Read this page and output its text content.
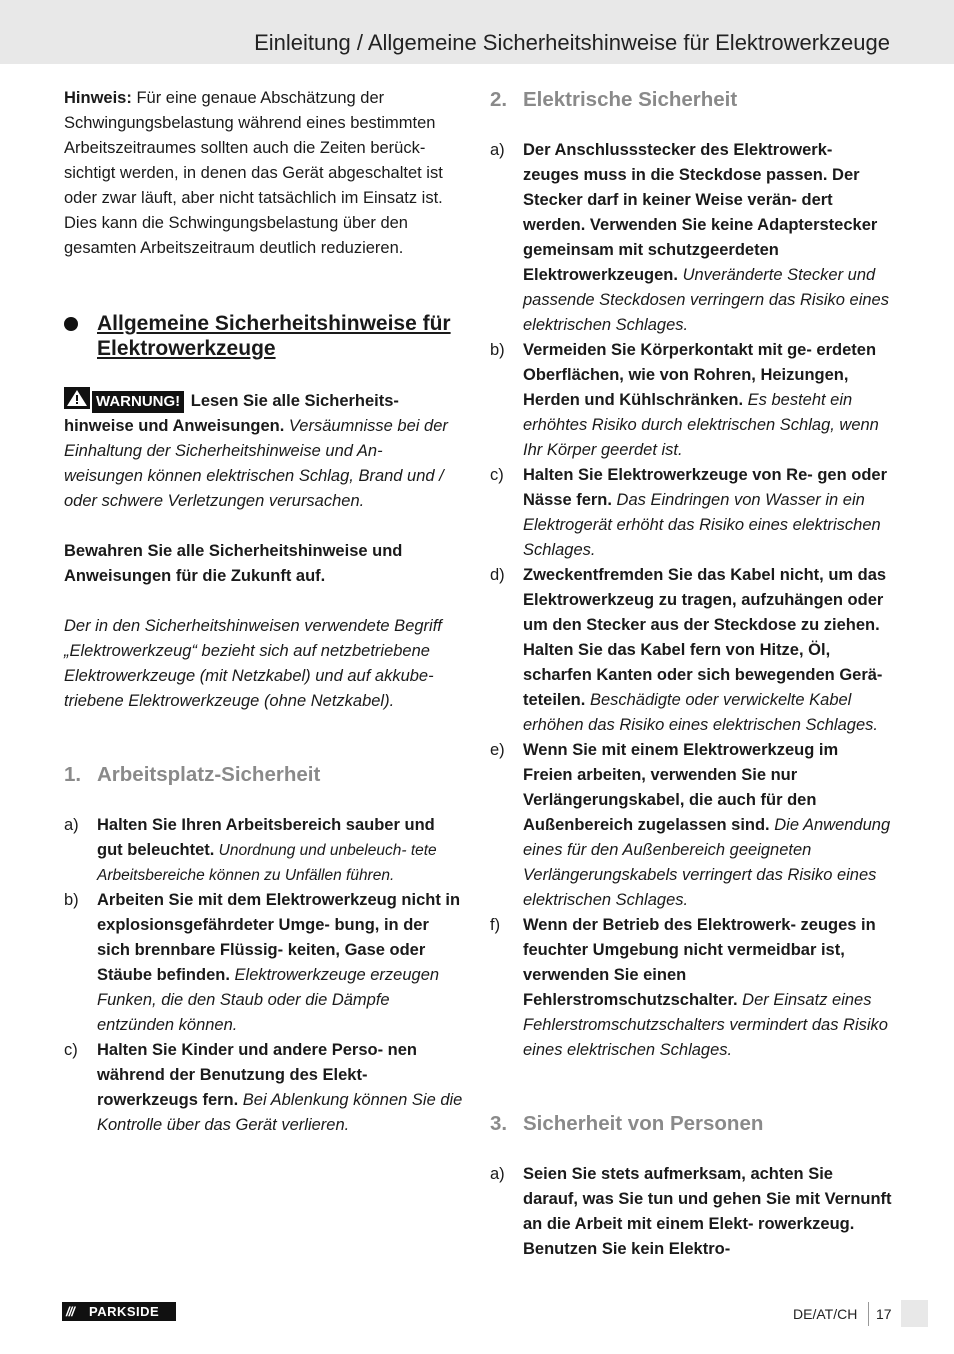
Einleitung / Allgemeine Sicherheitshinweise für Elektrowerkzeuge

Hinweis: Für eine genaue Abschätzung der Schwingungsbelastung während eines bestimmten Arbeitszeitraumes sollten auch die Zeiten berück- sichtigt werden, in denen das Gerät abgeschaltet ist oder zwar läuft, aber nicht tatsächlich im Einsatz ist. Dies kann die Schwingungsbelastung über den gesamten Arbeitszeitraum deutlich reduzieren.

Allgemeine Sicherheitshinweise für Elektrowerkzeuge

WARNUNG! Lesen Sie alle Sicherheits- hinweise und Anweisungen. Versäumnisse bei der Einhaltung der Sicherheitshinweise und An- weisungen können elektrischen Schlag, Brand und / oder schwere Verletzungen verursachen.

Bewahren Sie alle Sicherheitshinweise und Anweisungen für die Zukunft auf.

Der in den Sicherheitshinweisen verwendete Begriff „Elektrowerkzeug“ bezieht sich auf netzbetriebene Elektrowerkzeuge (mit Netzkabel) und auf akkube- triebene Elektrowerkzeuge (ohne Netzkabel).

1. Arbeitsplatz-Sicherheit
a) Halten Sie Ihren Arbeitsbereich sauber und gut beleuchtet. Unordnung und unbeleuch- tete Arbeitsbereiche können zu Unfällen führen.
b) Arbeiten Sie mit dem Elektrowerkzeug nicht in explosionsgefährdeter Umge- bung, in der sich brennbare Flüssig- keiten, Gase oder Stäube befinden. Elektrowerkzeuge erzeugen Funken, die den Staub oder die Dämpfe entzünden können.
c) Halten Sie Kinder und andere Perso- nen während der Benutzung des Elekt- rowerkzeugs fern. Bei Ablenkung können Sie die Kontrolle über das Gerät verlieren.
2. Elektrische Sicherheit
a) Der Anschlussstecker des Elektrowerk- zeuges muss in die Steckdose passen. Der Stecker darf in keiner Weise verän- dert werden. Verwenden Sie keine Adapterstecker gemeinsam mit schutzgeerdeten Elektrowerkzeugen. Unveränderte Stecker und passende Steckdosen verringern das Risiko eines elektrischen Schlages.
b) Vermeiden Sie Körperkontakt mit ge- erdeten Oberflächen, wie von Rohren, Heizungen, Herden und Kühlschränken. Es besteht ein erhöhtes Risiko durch elektrischen Schlag, wenn Ihr Körper geerdet ist.
c) Halten Sie Elektrowerkzeuge von Re- gen oder Nässe fern. Das Eindringen von Wasser in ein Elektrogerät erhöht das Risiko eines elektrischen Schlages.
d) Zweckentfremden Sie das Kabel nicht, um das Elektrowerkzeug zu tragen, aufzuhängen oder um den Stecker aus der Steckdose zu ziehen. Halten Sie das Kabel fern von Hitze, Öl, scharfen Kanten oder sich bewegenden Gerä- teteilen. Beschädigte oder verwickelte Kabel erhöhen das Risiko eines elektrischen Schlages.
e) Wenn Sie mit einem Elektrowerkzeug im Freien arbeiten, verwenden Sie nur Verlängerungskabel, die auch für den Außenbereich zugelassen sind. Die Anwendung eines für den Außenbereich geeigneten Verlängerungskabels verringert das Risiko eines elektrischen Schlages.
f) Wenn der Betrieb des Elektrowerk- zeuges in feuchter Umgebung nicht vermeidbar ist, verwenden Sie einen Fehlerstromschutzschalter. Der Einsatz eines Fehlerstromschutzschalters vermindert das Risiko eines elektrischen Schlages.
3. Sicherheit von Personen
a) Seien Sie stets aufmerksam, achten Sie darauf, was Sie tun und gehen Sie mit Vernunft an die Arbeit mit einem Elekt- rowerkzeug. Benutzen Sie kein Elektro-
/// PARKSIDE	DE/AT/CH 17
